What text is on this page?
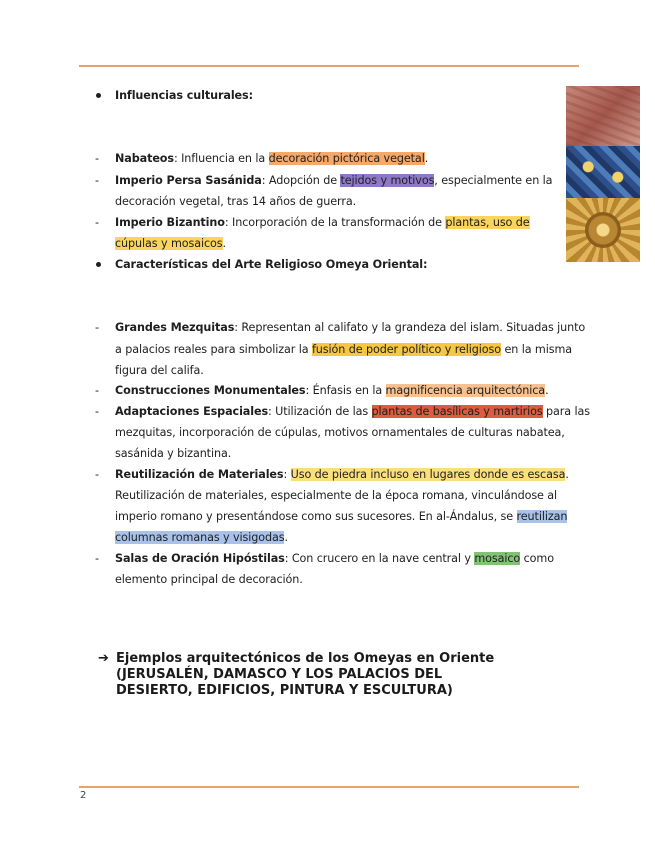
Influencias culturales:
- Nabateos: Influencia en la decoración pictórica vegetal.
- Imperio Persa Sasánida: Adopción de tejidos y motivos, especialmente en la
decoración vegetal, tras 14 años de guerra.
- Imperio Bizantino: Incorporación de la transformación de plantas, uso de
cúpulas y mosaicos.
Características del Arte Religioso Omeya Oriental:
- Grandes Mezquitas: Representan al califato y la grandeza del islam. Situadas junto
a palacios reales para simbolizar la fusión de poder político y religioso en la misma
figura del califa.
- Construcciones Monumentales: Énfasis en la magnificencia arquitectónica.
- Adaptaciones Espaciales: Utilización de las plantas de basílicas y martirios para las
mezquitas, incorporación de cúpulas, motivos ornamentales de culturas nabatea,
sasánida y bizantina.
- Reutilización de Materiales: Uso de piedra incluso en lugares donde es escasa.
Reutilización de materiales, especialmente de la época romana, vinculándose al
imperio romano y presentándose como sus sucesores. En al-Ándalus, se reutilizan
columnas romanas y visigodas.
- Salas de Oración Hipóstilas: Con crucero en la nave central y mosaico como
elemento principal de decoración.
➔ Ejemplos arquitectónicos de los Omeyas en Oriente
(JERUSALÉN, DAMASCO Y LOS PALACIOS DEL
DESIERTO, EDIFICIOS, PINTURA Y ESCULTURA)
2
